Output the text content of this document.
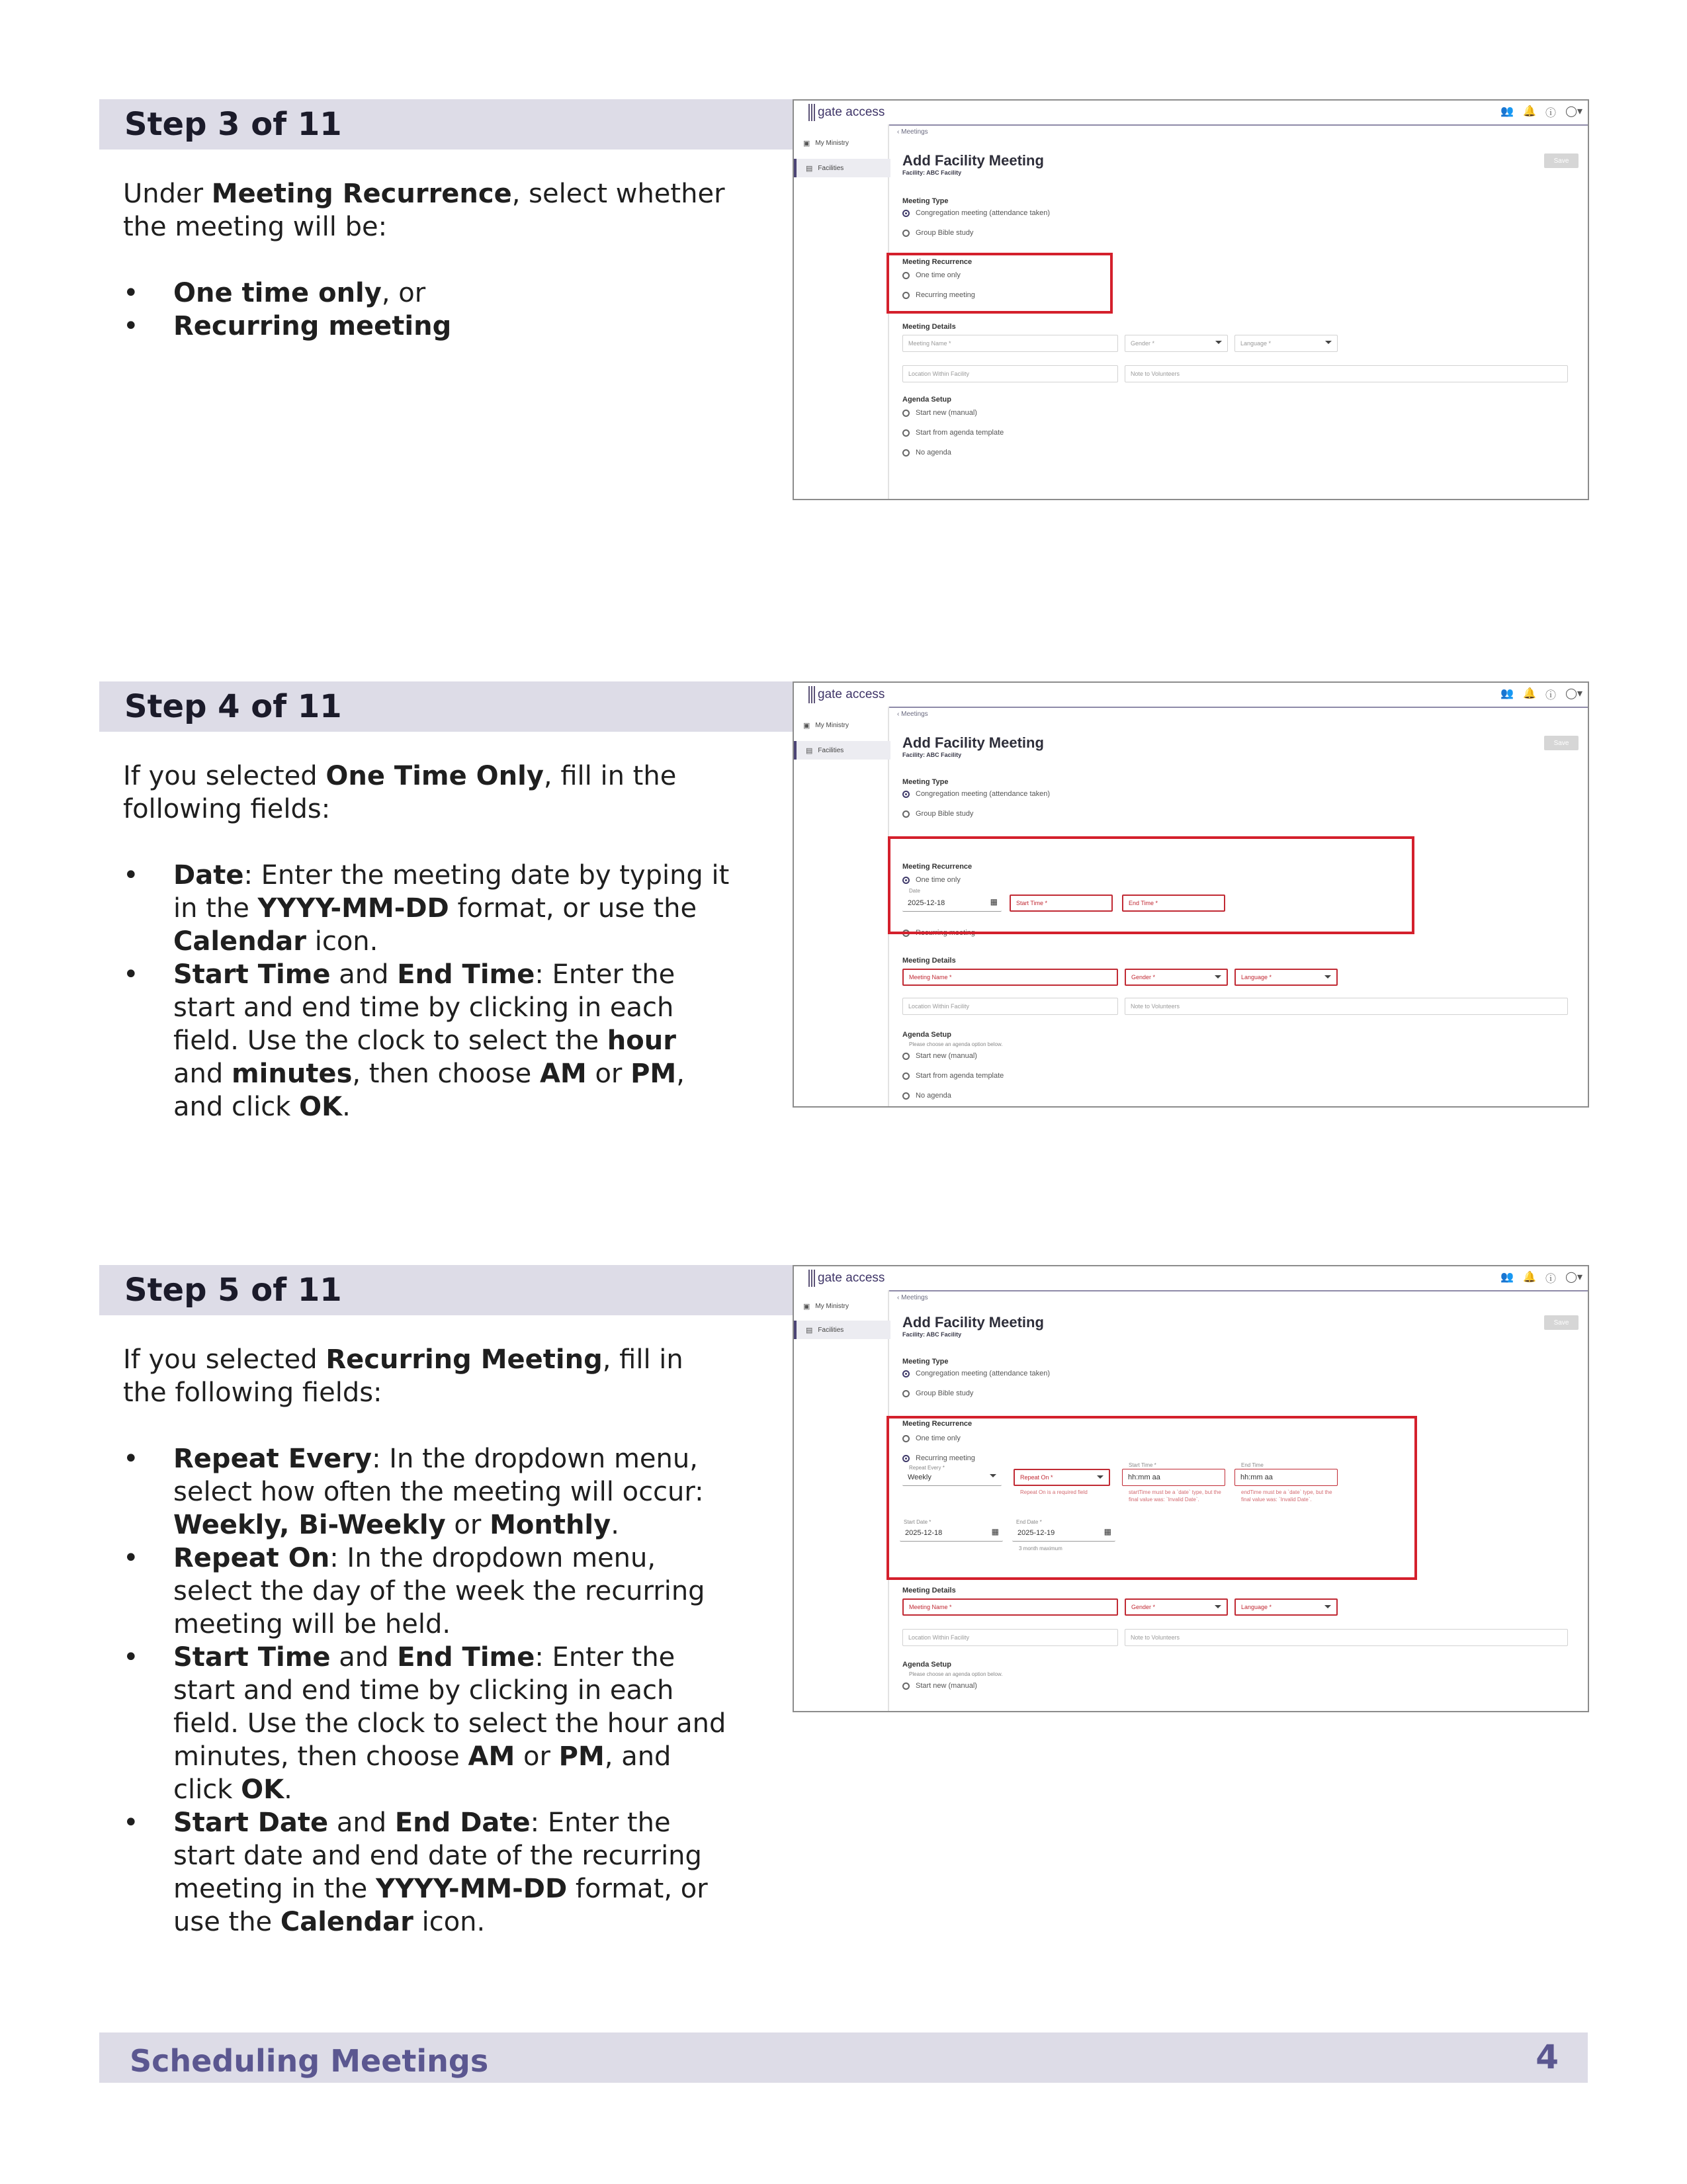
Step 3 of 11

Under Meeting Recurrence, select whether the meeting will be:

• One time only, or
• Recurring meeting
gate access	👥 🔔 ⓘ ◯▾
▣ My Ministry
▤ Facilities
‹ Meetings
Add Facility Meeting
Facility: ABC Facility
Save
Meeting Type
Congregation meeting (attendance taken)
Group Bible study
Meeting Recurrence
One time only
Recurring meeting
Meeting Details
Meeting Name *	Gender *	Language *
Location Within Facility	Note to Volunteers
Agenda Setup
Start new (manual)
Start from agenda template
No agenda
Step 4 of 11

If you selected One Time Only, fill in the following fields:

• Date: Enter the meeting date by typing it in the YYYY-MM-DD format, or use the Calendar icon.
• Start Time and End Time: Enter the start and end time by clicking in each field. Use the clock to select the hour and minutes, then choose AM or PM, and click OK.
gate access	👥 🔔 ⓘ ◯▾
▣ My Ministry
▤ Facilities
‹ Meetings
Add Facility Meeting
Facility: ABC Facility
Save
Meeting Type
Congregation meeting (attendance taken)
Group Bible study
Meeting Recurrence
One time only
Date
2025-12-18	▦	Start Time *	End Time *
Recurring meeting
Meeting Details
Meeting Name *	Gender *	Language *
Location Within Facility	Note to Volunteers
Agenda Setup
Please choose an agenda option below.
Start new (manual)
Start from agenda template
No agenda
Step 5 of 11

If you selected Recurring Meeting, fill in the following fields:

• Repeat Every: In the dropdown menu, select how often the meeting will occur: Weekly, Bi-Weekly or Monthly.
• Repeat On: In the dropdown menu, select the day of the week the recurring meeting will be held.
• Start Time and End Time: Enter the start and end time by clicking in each field. Use the clock to select the hour and minutes, then choose AM or PM, and click OK.
• Start Date and End Date: Enter the start date and end date of the recurring meeting in the YYYY-MM-DD format, or use the Calendar icon.
gate access	👥 🔔 ⓘ ◯▾
▣ My Ministry
▤ Facilities
‹ Meetings
Add Facility Meeting
Facility: ABC Facility
Save
Meeting Type
Congregation meeting (attendance taken)
Group Bible study
Meeting Recurrence
One time only
Recurring meeting
Repeat Every *
Weekly	Repeat On *
Repeat On is a required field
Start Time *
hh:mm aa
startTime must be a `date` type, but the final value was: `Invalid Date`.
End Time
hh:mm aa
endTime must be a `date` type, but the final value was: `Invalid Date`.
Start Date *
2025-12-18	▦
End Date *
2025-12-19	▦
3 month maximum
Meeting Details
Meeting Name *	Gender *	Language *
Location Within Facility	Note to Volunteers
Agenda Setup
Please choose an agenda option below.
Start new (manual)
Scheduling Meetings	4
